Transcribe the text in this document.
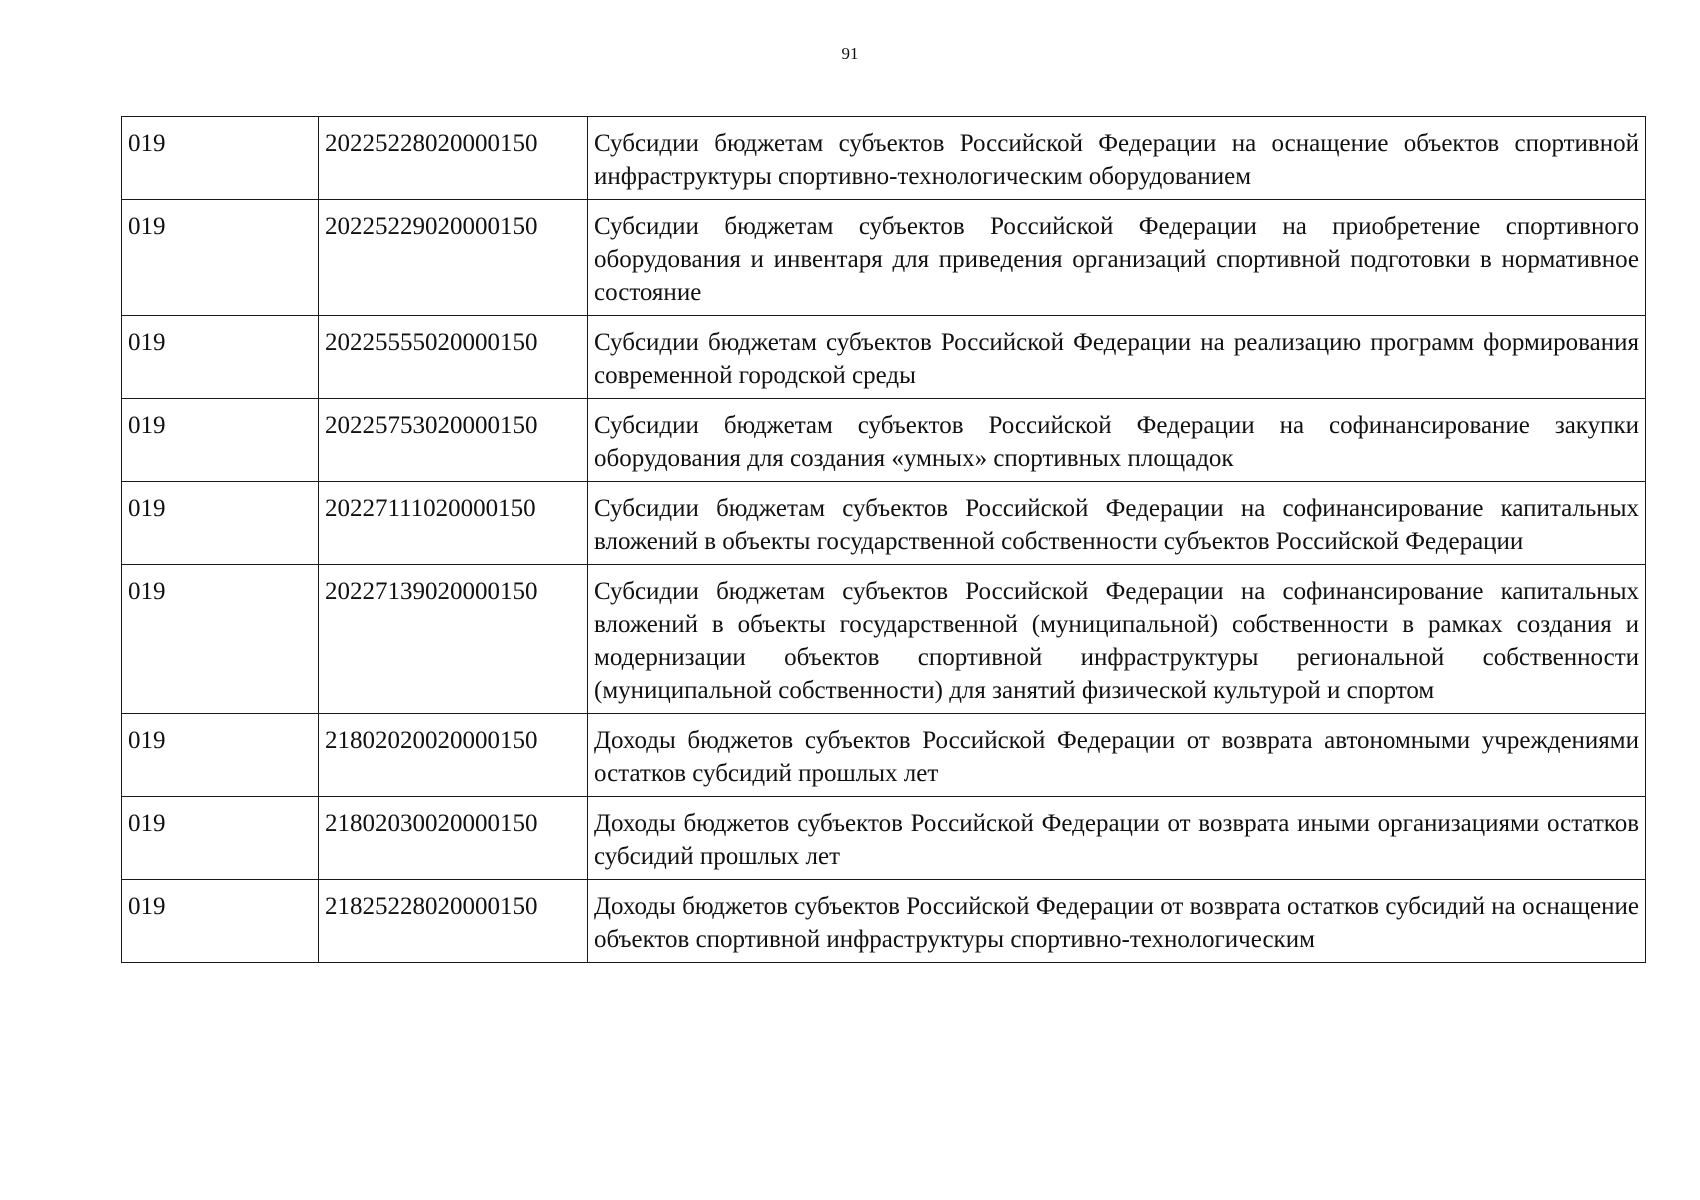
91
019	20225228020000150	Субсидии бюджетам субъектов Российской Федерации на оснащение объектов спортивной инфраструктуры спортивно-технологическим оборудованием
019	20225229020000150	Субсидии бюджетам субъектов Российской Федерации на приобретение спортивного оборудования и инвентаря для приведения организаций спортивной подготовки в нормативное состояние
019	20225555020000150	Субсидии бюджетам субъектов Российской Федерации на реализацию программ формирования современной городской среды
019	20225753020000150	Субсидии бюджетам субъектов Российской Федерации на софинансирование закупки оборудования для создания «умных» спортивных площадок
019	20227111020000150	Субсидии бюджетам субъектов Российской Федерации на софинансирование капитальных вложений в объекты государственной собственности субъектов Российской Федерации
019	20227139020000150	Субсидии бюджетам субъектов Российской Федерации на софинансирование капитальных вложений в объекты государственной (муниципальной) собственности в рамках создания и модернизации объектов спортивной инфраструктуры региональной собственности (муниципальной собственности) для занятий физической культурой и спортом
019	21802020020000150	Доходы бюджетов субъектов Российской Федерации от возврата автономными учреждениями остатков субсидий прошлых лет
019	21802030020000150	Доходы бюджетов субъектов Российской Федерации от возврата иными организациями остатков субсидий прошлых лет
019	21825228020000150	Доходы бюджетов субъектов Российской Федерации от возврата остатков субсидий на оснащение объектов спортивной инфраструктуры спортивно-технологическим
